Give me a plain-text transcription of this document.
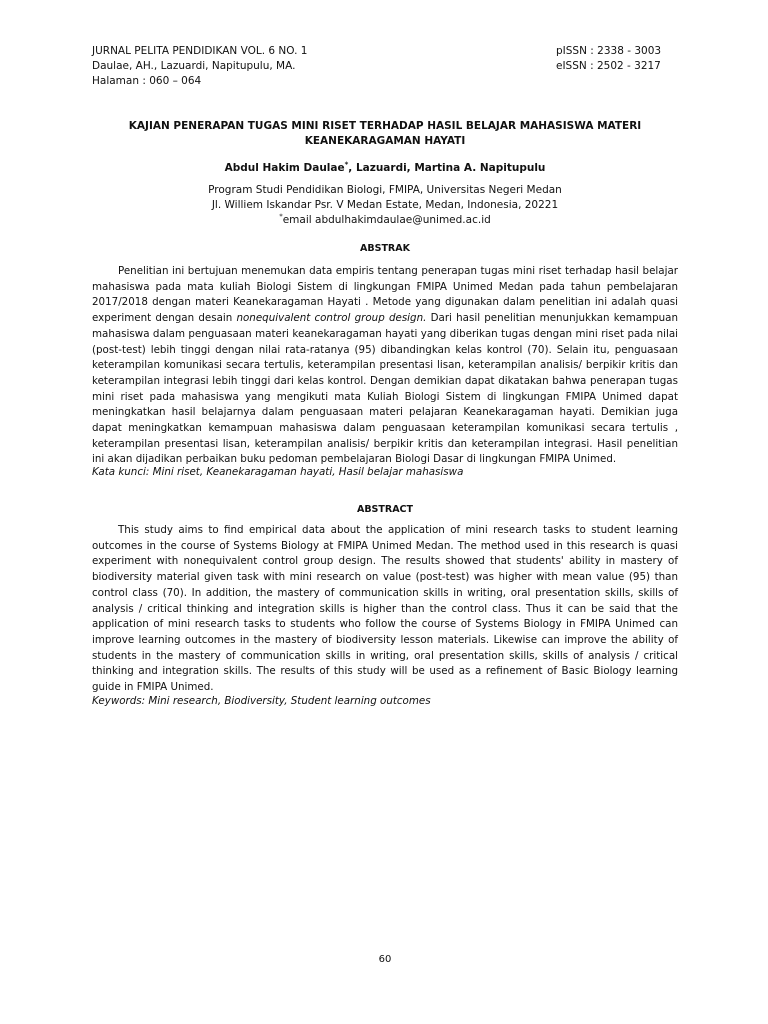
JURNAL PELITA PENDIDIKAN VOL. 6 NO. 1
Daulae, AH., Lazuardi, Napitupulu, MA.
Halaman : 060 – 064
pISSN : 2338 - 3003
eISSN : 2502 - 3217
KAJIAN PENERAPAN TUGAS MINI RISET TERHADAP HASIL BELAJAR MAHASISWA MATERI
KEANEKARAGAMAN HAYATI
Abdul Hakim Daulae*, Lazuardi, Martina A. Napitupulu
Program Studi Pendidikan Biologi, FMIPA, Universitas Negeri Medan
Jl. Williem Iskandar Psr. V Medan Estate, Medan, Indonesia, 20221
*email abdulhakimdaulae@unimed.ac.id
ABSTRAK

Penelitian ini bertujuan menemukan data empiris tentang penerapan tugas mini riset terhadap hasil belajar mahasiswa pada mata kuliah Biologi Sistem di lingkungan FMIPA Unimed Medan pada tahun pembelajaran 2017/2018 dengan materi Keanekaragaman Hayati . Metode yang digunakan dalam penelitian ini adalah quasi experiment dengan desain nonequivalent control group design. Dari hasil penelitian menunjukkan kemampuan mahasiswa dalam penguasaan materi keanekaragaman hayati yang diberikan tugas dengan mini riset pada nilai (post-test) lebih tinggi dengan nilai rata-ratanya (95) dibandingkan kelas kontrol (70). Selain itu, penguasaan keterampilan komunikasi secara tertulis, keterampilan presentasi lisan, keterampilan analisis/ berpikir kritis dan keterampilan integrasi lebih tinggi dari kelas kontrol. Dengan demikian dapat dikatakan bahwa penerapan tugas mini riset pada mahasiswa yang mengikuti mata Kuliah Biologi Sistem di lingkungan FMIPA Unimed dapat meningkatkan hasil belajarnya dalam penguasaan materi pelajaran Keanekaragaman hayati. Demikian juga dapat meningkatkan kemampuan mahasiswa dalam penguasaan keterampilan komunikasi secara tertulis , keterampilan presentasi lisan, keterampilan analisis/ berpikir kritis dan keterampilan integrasi. Hasil penelitian ini akan dijadikan perbaikan buku pedoman pembelajaran Biologi Dasar di lingkungan FMIPA Unimed.

Kata kunci: Mini riset, Keanekaragaman hayati, Hasil belajar mahasiswa
ABSTRACT

This study aims to find empirical data about the application of mini research tasks to student learning outcomes in the course of Systems Biology at FMIPA Unimed Medan. The method used in this research is quasi experiment with nonequivalent control group design. The results showed that students' ability in mastery of biodiversity material given task with mini research on value (post-test) was higher with mean value (95) than control class (70). In addition, the mastery of communication skills in writing, oral presentation skills, skills of analysis / critical thinking and integration skills is higher than the control class. Thus it can be said that the application of mini research tasks to students who follow the course of Systems Biology in FMIPA Unimed can improve learning outcomes in the mastery of biodiversity lesson materials. Likewise can improve the ability of students in the mastery of communication skills in writing, oral presentation skills, skills of analysis / critical thinking and integration skills. The results of this study will be used as a refinement of Basic Biology learning guide in FMIPA Unimed.

Keywords: Mini research, Biodiversity, Student learning outcomes
60
